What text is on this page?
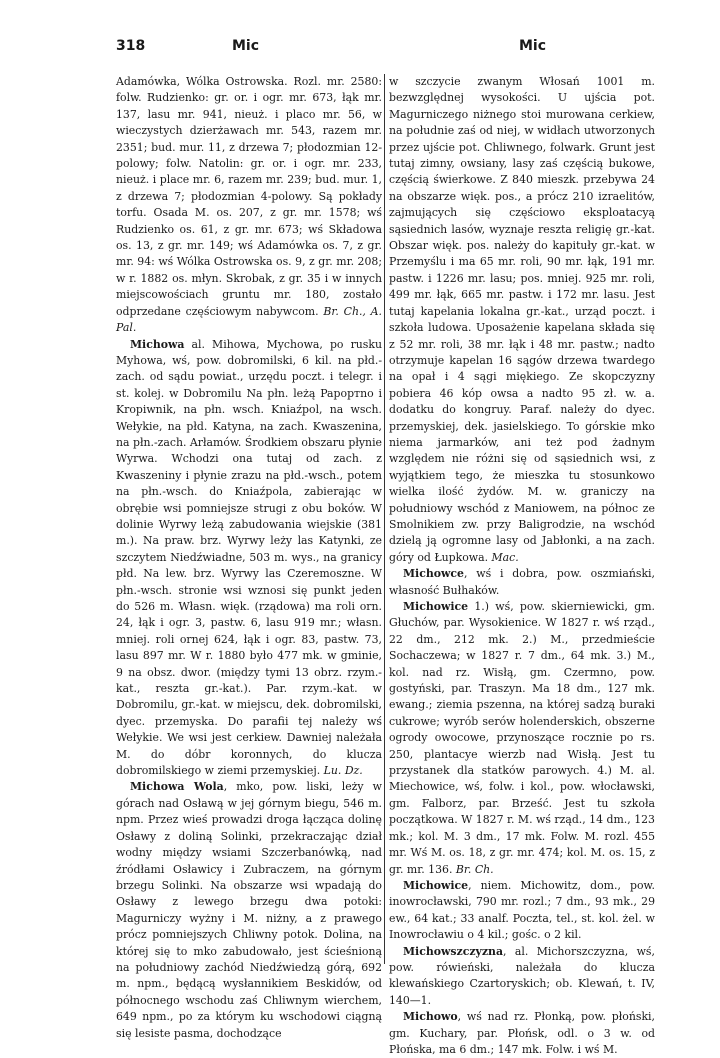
318	Mic	Mic

Adamówka, Wólka Ostrowska. Rozl. mr. 2580: folw. Rudzienko: gr. or. i ogr. mr. 673, łąk mr. 137, lasu mr. 941, nieuż. i placo mr. 56, w wieczystych dzierżawach mr. 543, razem mr. 2351; bud. mur. 11, z drzewa 7; płodozmian 12-polowy; folw. Natolin: gr. or. i ogr. mr. 233, nieuż. i place mr. 6, razem mr. 239; bud. mur. 1, z drzewa 7; płodozmian 4-polowy. Są pokłady torfu. Osada M. os. 207, z gr. mr. 1578; wś Rudzienko os. 61, z gr. mr. 673; wś Składowa os. 13, z gr. mr. 149; wś Adamówka os. 7, z gr. mr. 94: wś Wólka Ostrowska os. 9, z gr. mr. 208; w r. 1882 os. młyn. Skrobak, z gr. 35 i w innych miejscowościach gruntu mr. 180, zostało odprzedane częściowym nabywcom. Br. Ch., A. Pal.

Michowa al. Mihowa, Mychowa, po rusku Myhowa, wś, pow. dobromilski, 6 kil. na płd.-zach. od sądu powiat., urzędu poczt. i telegr. i st. kolej. w Dobromilu Na płn. leżą Papортno i Kropiwnik, na płn. wsch. Kniaźpol, na wsch. Wełykie, na płd. Katyna, na zach. Kwaszenina, na płn.-zach. Arłamów. Środkiem obszaru płynie Wyrwa. Wchodzi ona tutaj od zach. z Kwaszeniny i płynie zrazu na płd.-wsch., potem na płn.-wsch. do Kniaźpola, zabierając w obrębie wsi pomniejsze strugi z obu boków. W dolinie Wyrwy leżą zabudowania wiejskie (381 m.). Na praw. brz. Wyrwy leży las Katynki, ze szczytem Niedźwiadne, 503 m. wys., na granicy płd. Na lew. brz. Wyrwy las Czeremoszne. W płn.-wsch. stronie wsi wznosi się punkt jeden do 526 m. Własn. więk. (rządowa) ma roli orn. 24, łąk i ogr. 3, pastw. 6, lasu 919 mr.; własn. mniej. roli ornej 624, łąk i ogr. 83, pastw. 73, lasu 897 mr. W r. 1880 było 477 mk. w gminie, 9 na obsz. dwor. (między tymi 13 obrz. rzym.-kat., reszta gr.-kat.). Par. rzym.-kat. w Dobromilu, gr.-kat. w miejscu, dek. dobromilski, dyec. przemyska. Do parafii tej należy wś Wełykie. We wsi jest cerkiew. Dawniej należała M. do dóbr koronnych, do klucza dobromilskiego w ziemi przemyskiej. Lu. Dz.

Michowa Wola, mko, pow. liski, leży w górach nad Osławą w jej górnym biegu, 546 m. npm. Przez wieś prowadzi droga łącząca dolinę Osławy z doliną Solinki, przekraczając dział wodny między wsiami Szczerbanówką, nad źródłami Osławicy i Zubraczem, na górnym brzegu Solinki. Na obszarze wsi wpadają do Osławy z lewego brzegu dwa potoki: Magurniczy wyżny i M. niżny, a z prawego prócz pomniejszych Chliwny potok. Dolina, na której się to mko zabudowało, jest ścieśnioną na południowy zachód Niedźwiedzą górą, 692 m. npm., będącą wysłannikiem Beskidów, od północnego wschodu zaś Chliwnym wierchem, 649 npm., po za którym ku wschodowi ciągną się lesiste pasma, dochodzące

w szczycie zwanym Włosań 1001 m. bezwzględnej wysokości. U ujścia pot. Magurniczego niżnego stoi murowana cerkiew, na południe zaś od niej, w widłach utworzonych przez ujście pot. Chliwnego, folwark. Grunt jest tutaj zimny, owsiany, lasy zaś częścią bukowe, częścią świerkowe. Z 840 mieszk. przebywa 24 na obszarze więk. pos., a prócz 210 izraelitów, zajmujących się częściowo eksploatacyą sąsiednich lasów, wyznaje reszta religię gr.-kat. Obszar więk. pos. należy do kapituły gr.-kat. w Przemyślu i ma 65 mr. roli, 90 mr. łąk, 191 mr. pastw. i 1226 mr. lasu; pos. mniej. 925 mr. roli, 499 mr. łąk, 665 mr. pastw. i 172 mr. lasu. Jest tutaj kapelania lokalna gr.-kat., urząd poczt. i szkoła ludowa. Uposażenie kapelana składa się z 52 mr. roli, 38 mr. łąk i 48 mr. pastw.; nadto otrzymuje kapelan 16 sągów drzewa twardego na opał i 4 sągi miękiego. Ze skopczyzny pobiera 46 kóp owsa a nadto 95 zł. w. a. dodatku do kongruy. Paraf. należy do dyec. przemyskiej, dek. jasielskiego. To górskie mko niema jarmarków, ani też pod żadnym względem nie różni się od sąsiednich wsi, z wyjątkiem tego, że mieszka tu stosunkowo wielka ilość żydów. M. w. graniczy na południowy wschód z Maniowem, na północ ze Smolnikiem zw. przy Baligrodzie, na wschód dzielą ją ogromne lasy od Jabłonki, a na zach. góry od Łupkowa. Mac.

Michowce, wś i dobra, pow. oszmiański, własność Bułhaków.

Michowice 1.) wś, pow. skierniewicki, gm. Głuchów, par. Wysokienice. W 1827 r. wś rząd., 22 dm., 212 mk. 2.) M., przedmieście Sochaczewa; w 1827 r. 7 dm., 64 mk. 3.) M., kol. nad rz. Wisłą, gm. Czermno, pow. gostyński, par. Traszyn. Ma 18 dm., 127 mk. ewang.; ziemia pszenna, na której sadzą buraki cukrowe; wyrób serów holenderskich, obszerne ogrody owocowe, przynoszące rocznie po rs. 250, plantacye wierzb nad Wisłą. Jest tu przystanek dla statków parowych. 4.) M. al. Miechowice, wś, folw. i kol., pow. włocławski, gm. Falborz, par. Brześć. Jest tu szkoła początkowa. W 1827 r. M. wś rząd., 14 dm., 123 mk.; kol. M. 3 dm., 17 mk. Folw. M. rozl. 455 mr. Wś M. os. 18, z gr. mr. 474; kol. M. os. 15, z gr. mr. 136. Br. Ch.

Michowice, niem. Michowitz, dom., pow. inowrocławski, 790 mr. rozl.; 7 dm., 93 mk., 29 ew., 64 kat.; 33 analf. Poczta, tel., st. kol. żel. w Inowrocławiu o 4 kil.; gośc. o 2 kil.

Michowszczyzna, al. Michorszczyzna, wś, pow. rówieński, należała do klucza klewańskiego Czartoryskich; ob. Klewań, t. IV, 140—1.

Michowo, wś nad rz. Płonką, pow. płoński, gm. Kuchary, par. Płońsk, odl. o 3 w. od Płońska, ma 6 dm.; 147 mk. Folw. i wś M.
